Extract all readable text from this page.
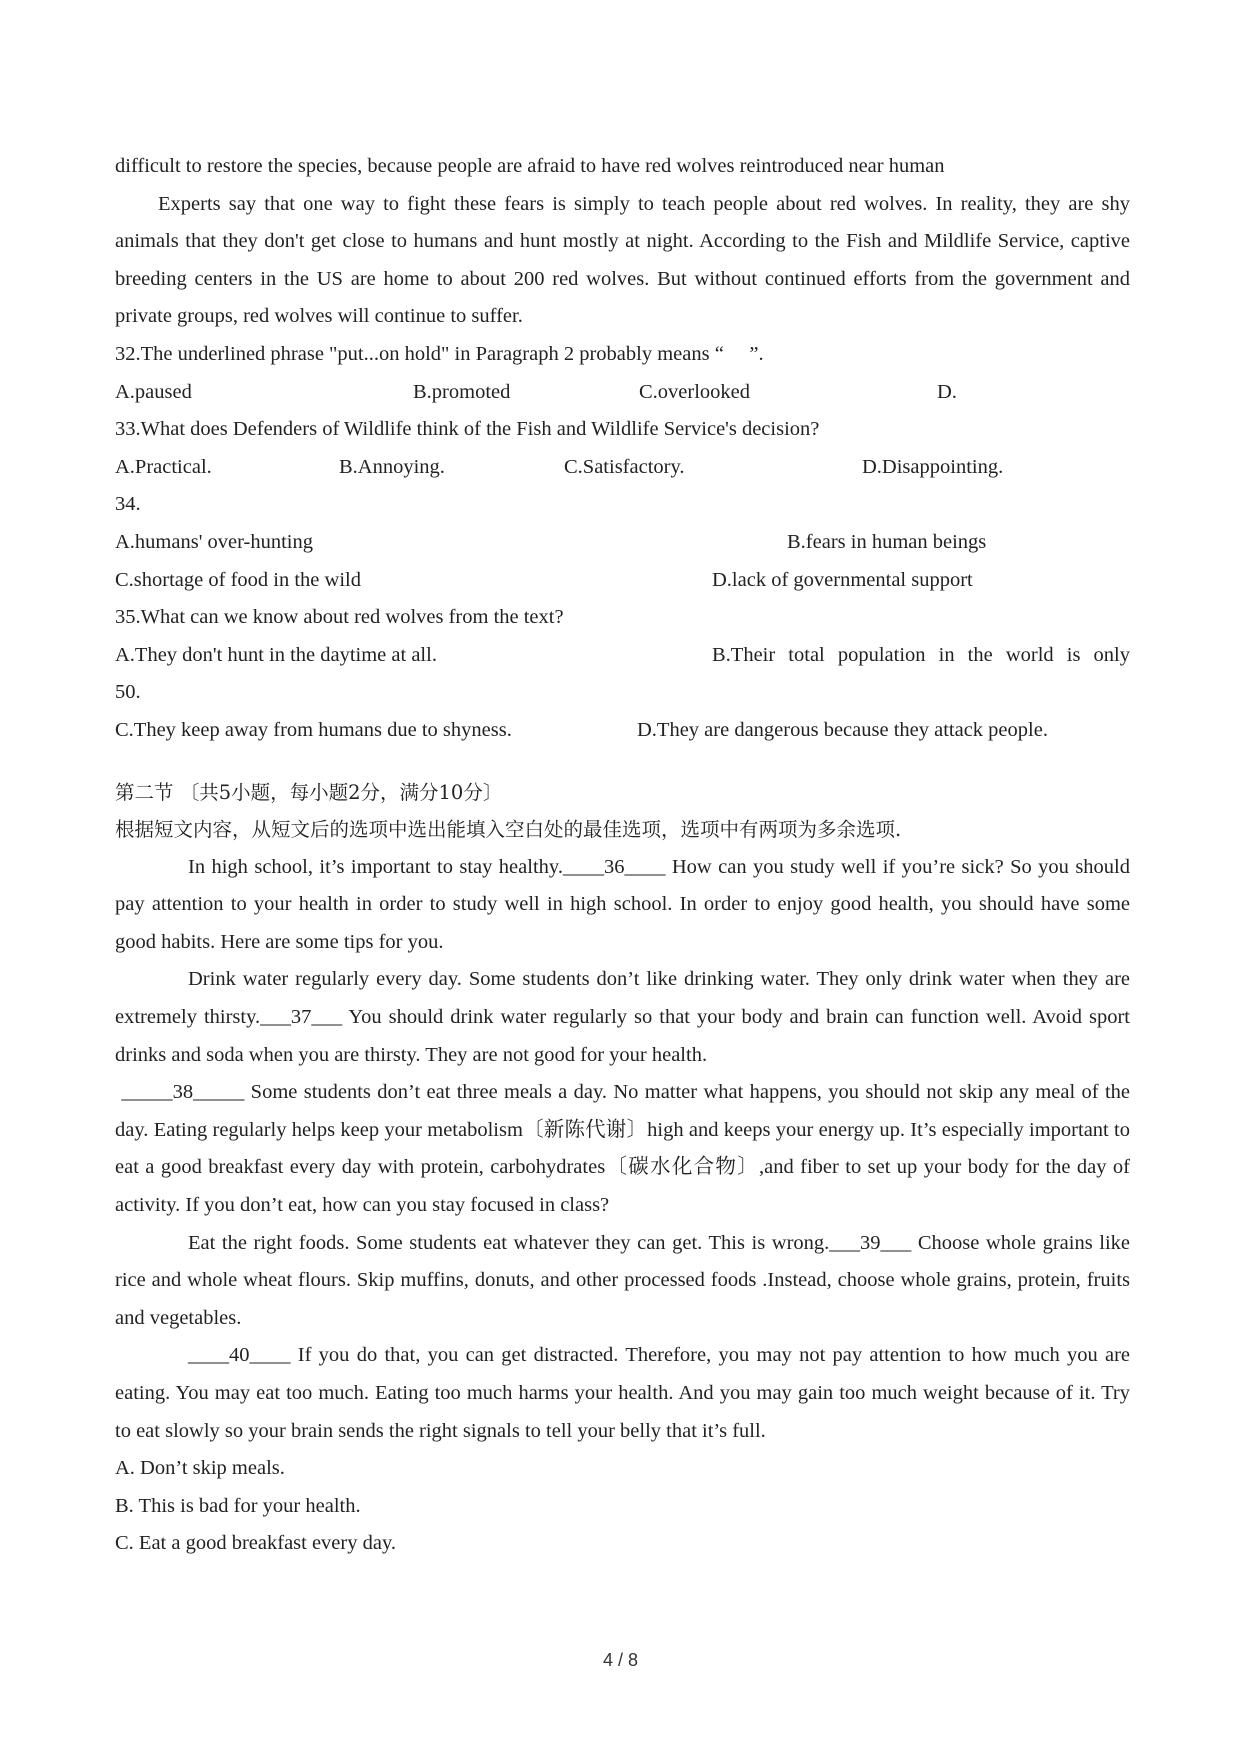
difficult to restore the species, because people are afraid to have red wolves reintroduced near human

Experts say that one way to fight these fears is simply to teach people about red wolves. In reality, they are shy animals that they don't get close to humans and hunt mostly at night. According to the Fish and Mildlife Service, captive breeding centers in the US are home to about 200 red wolves. But without continued efforts from the government and private groups, red wolves will continue to suffer.

32.The underlined phrase "put...on hold" in Paragraph 2 probably means “　 ”.

A.paused	B.promoted	C.overlooked	D.

33.What does Defenders of Wildlife think of the Fish and Wildlife Service's decision?

A.Practical.	B.Annoying.	C.Satisfactory.	D.Disappointing.

34.

A.humans' over-hunting	B.fears in human beings
C.shortage of food in the wild	D.lack of governmental support

35.What can we know about red wolves from the text?

A.They don't hunt in the daytime at all.	B.Their total population in the world is only

50.

C.They keep away from humans due to shyness.	D.They are dangerous because they attack people.

第二节 〔共5小题，每小题2分，满分10分〕

根据短文内容，从短文后的选项中选出能填入空白处的最佳选项，选项中有两项为多余选项.

In high school, it’s important to stay healthy.____36____ How can you study well if you’re sick? So you should pay attention to your health in order to study well in high school. In order to enjoy good health, you should have some good habits. Here are some tips for you.

Drink water regularly every day. Some students don’t like drinking water. They only drink water when they are extremely thirsty.___37___ You should drink water regularly so that your body and brain can function well. Avoid sport drinks and soda when you are thirsty. They are not good for your health.

_____38_____ Some students don’t eat three meals a day. No matter what happens, you should not skip any meal of the day. Eating regularly helps keep your metabolism〔新陈代谢〕high and keeps your energy up. It’s especially important to eat a good breakfast every day with protein, carbohydrates〔碳水化合物〕,and fiber to set up your body for the day of activity. If you don’t eat, how can you stay focused in class?

Eat the right foods. Some students eat whatever they can get. This is wrong.___39___ Choose whole grains like rice and whole wheat flours. Skip muffins, donuts, and other processed foods .Instead, choose whole grains, protein, fruits and vegetables.

____40____ If you do that, you can get distracted. Therefore, you may not pay attention to how much you are eating. You may eat too much. Eating too much harms your health. And you may gain too much weight because of it. Try to eat slowly so your brain sends the right signals to tell your belly that it’s full.

A. Don’t skip meals.

B. This is bad for your health.

C. Eat a good breakfast every day.

4 / 8
